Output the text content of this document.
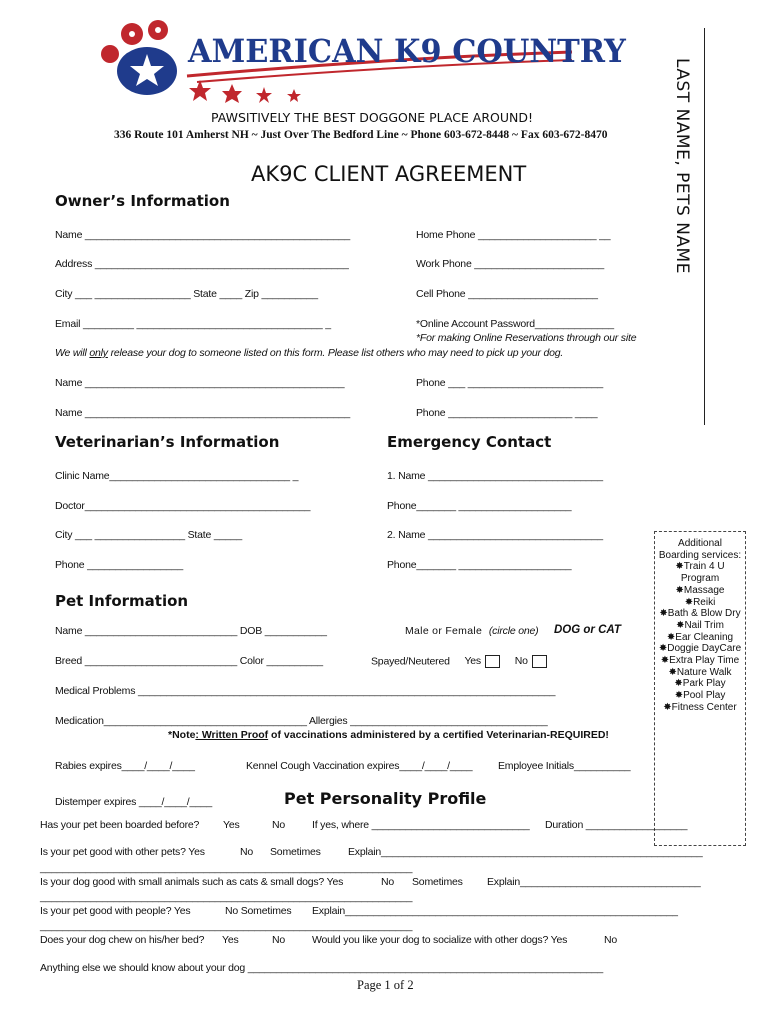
AMERICAN K9 COUNTRY
PAWSITIVELY THE BEST DOGGONE PLACE AROUND!
336 Route 101 Amherst NH ~ Just Over The Bedford Line ~ Phone 603-672-8448 ~ Fax 603-672-8470
AK9C CLIENT AGREEMENT	LAST NAME, PETS NAME
Owner’s Information
Name _______________________________________________	Home Phone _____________________ __
Address _____________________________________________	Work Phone _______________________
City ___ _________________ State ____ Zip __________	Cell Phone _______________________
Email _________ _________________________________ _	*Online Account Password______________
*For making Online Reservations through our site
We will only release your dog to someone listed on this form. Please list others who may need to pick up your dog.
Name ______________________________________________	Phone ___ ________________________
Name _______________________________________________	Phone ______________________ ____
Veterinarian’s Information	Emergency Contact
Clinic Name________________________________ _	1. Name _______________________________
Doctor________________________________________	Phone_______ ____________________
City ___ ________________ State _____	2. Name _______________________________
Phone _________________	Phone_______ ____________________
Pet Information
Name ___________________________ DOB ___________	Male or Female (circle one) DOG or CAT
Breed ___________________________ Color __________	Spayed/Neutered Yes	No
Medical Problems __________________________________________________________________________
Medication____________________________________ Allergies ___________________________________
*Note: Written Proof of vaccinations administered by a certified Veterinarian-REQUIRED!
Rabies expires____/____/____	Kennel Cough Vaccination expires____/____/____ Employee Initials__________
Distemper expires ____/____/____
Additional Boarding services:
✸Train 4 U Program
✸Massage
✸Reiki
✸Bath & Blow Dry
✸Nail Trim
✸Ear Cleaning
✸Doggie DayCare
✸Extra Play Time
✸Nature Walk
✸Park Play
✸Pool Play
✸Fitness Center
Pet Personality Profile
Has your pet been boarded before? Yes	No	If yes, where ____________________________ Duration __________________
Is your pet good with other pets? Yes	No Sometimes	Explain_________________________________________________________
__________________________________________________________________
Is your dog good with small animals such as cats & small dogs? Yes	No Sometimes Explain________________________________
__________________________________________________________________
Is your pet good with people? Yes	No Sometimes Explain___________________________________________________________
__________________________________________________________________
Does your dog chew on his/her bed? Yes	No	Would you like your dog to socialize with other dogs? Yes	No
Anything else we should know about your dog _______________________________________________________________
Page 1 of 2
